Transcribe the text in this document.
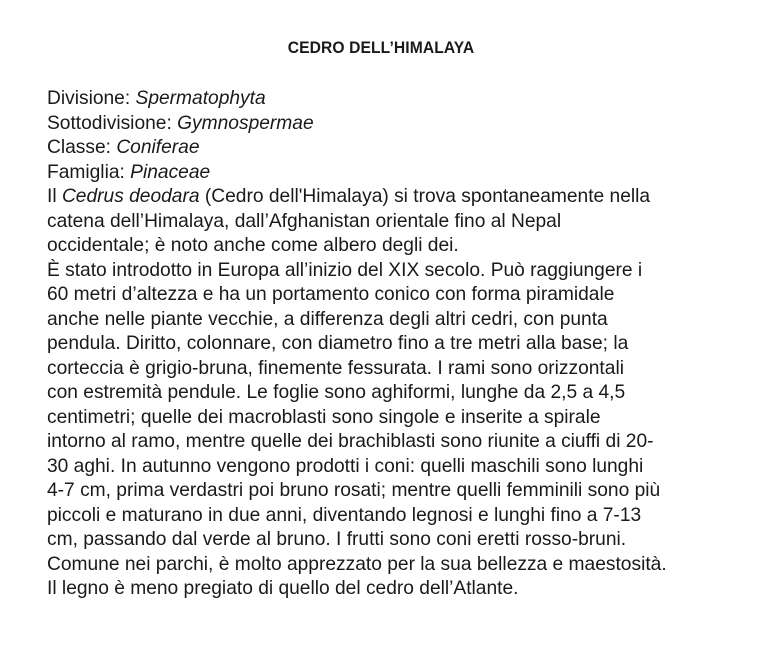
CEDRO DELL’HIMALAYA
Divisione: Spermatophyta
Sottodivisione: Gymnospermae
Classe: Coniferae
Famiglia: Pinaceae
Il Cedrus deodara (Cedro dell'Himalaya) si trova spontaneamente nella
catena dell’Himalaya, dall’Afghanistan orientale fino al Nepal
occidentale; è noto anche come albero degli dei.
È stato introdotto in Europa all’inizio del XIX secolo. Può raggiungere i
60 metri d’altezza e ha un portamento conico con forma piramidale
anche nelle piante vecchie, a differenza degli altri cedri, con punta
pendula. Diritto, colonnare, con diametro fino a tre metri alla base; la
corteccia è grigio-bruna, finemente fessurata. I rami sono orizzontali
con estremità pendule. Le foglie sono aghiformi, lunghe da 2,5 a 4,5
centimetri; quelle dei macroblasti sono singole e inserite a spirale
intorno al ramo, mentre quelle dei brachiblasti sono riunite a ciuffi di 20-
30 aghi. In autunno vengono prodotti i coni: quelli maschili sono lunghi
4-7 cm, prima verdastri poi bruno rosati; mentre quelli femminili sono più
piccoli e maturano in due anni, diventando legnosi e lunghi fino a 7-13
cm, passando dal verde al bruno. I frutti sono coni eretti rosso-bruni.
Comune nei parchi, è molto apprezzato per la sua bellezza e maestosità.
Il legno è meno pregiato di quello del cedro dell’Atlante.
